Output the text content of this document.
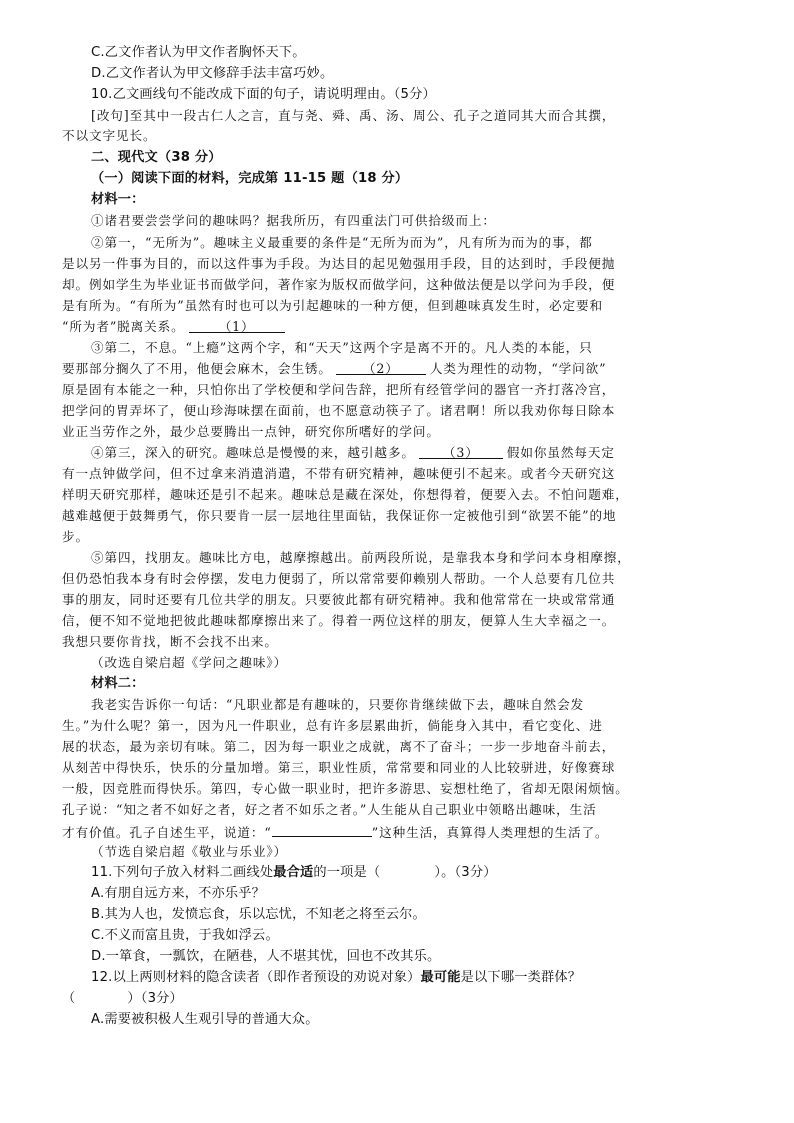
C.乙文作者认为甲文作者胸怀天下。
D.乙文作者认为甲文修辞手法丰富巧妙。
10.乙文画线句不能改成下面的句子，请说明理由。（5分）
[改句]至其中一段古仁人之言，直与尧、舜、禹、汤、周公、孔子之道同其大而合其撰，
不以文字见长。
二、现代文（38 分）
（一）阅读下面的材料，完成第 11-15 题（18 分）
材料一：
①诸君要尝尝学问的趣味吗？据我所历，有四重法门可供拾级而上：
②第一，“无所为”。趣味主义最重要的条件是“无所为而为”，凡有所为而为的事，都
是以另一件事为目的，而以这件事为手段。为达目的起见勉强用手段，目的达到时，手段便抛
却。例如学生为毕业证书而做学问，著作家为版权而做学问，这种做法便是以学问为手段，便
是有所为。“有所为”虽然有时也可以为引起趣味的一种方便，但到趣味真发生时，必定要和
“所为者”脱离关系。	（1）
③第二，不息。“上瘾”这两个字，和“天天”这两个字是离不开的。凡人类的本能，只
要那部分搁久了不用，他便会麻木，会生锈。 （2） 人类为理性的动物，“学问欲”
原是固有本能之一种，只怕你出了学校便和学问告辞，把所有经管学问的器官一齐打落冷宫，
把学问的胃弄坏了，便山珍海味摆在面前，也不愿意动筷子了。诸君啊！所以我劝你每日除本
业正当劳作之外，最少总要腾出一点钟，研究你所嗜好的学问。
④第三，深入的研究。趣味总是慢慢的来，越引越多。 （3） 假如你虽然每天定
有一点钟做学问，但不过拿来消遣消遣，不带有研究精神，趣味便引不起来。或者今天研究这
样明天研究那样，趣味还是引不起来。趣味总是藏在深处，你想得着，便要入去。不怕问题难，
越难越便于鼓舞勇气，你只要肯一层一层地往里面钻，我保证你一定被他引到“欲罢不能”的地
步。
⑤第四，找朋友。趣味比方电，越摩擦越出。前两段所说，是靠我本身和学问本身相摩擦，
但仍恐怕我本身有时会停摆，发电力便弱了，所以常常要仰赖别人帮助。一个人总要有几位共
事的朋友，同时还要有几位共学的朋友。只要彼此都有研究精神。我和他常常在一块或常常通
信，便不知不觉地把彼此趣味都摩擦出来了。得着一两位这样的朋友，便算人生大幸福之一。
我想只要你肯找，断不会找不出来。
（改选自梁启超《学问之趣味》）
材料二：
我老实告诉你一句话：“凡职业都是有趣味的，只要你肯继续做下去，趣味自然会发
生。”为什么呢？第一，因为凡一件职业，总有许多层累曲折，倘能身入其中，看它变化、进
展的状态，最为亲切有味。第二，因为每一职业之成就，离不了奋斗；一步一步地奋斗前去，
从刻苦中得快乐，快乐的分量加增。第三，职业性质，常常要和同业的人比较骈进，好像赛球
一般，因竞胜而得快乐。第四，专心做一职业时，把许多游思、妄想杜绝了，省却无限闲烦恼。
孔子说：“知之者不如好之者，好之者不如乐之者。”人生能从自己职业中领略出趣味，生活
才有价值。孔子自述生平，说道：“	”这种生活，真算得人类理想的生活了。
（节选自梁启超《敬业与乐业》）
11.下列句子放入材料二画线处最合适的一项是（	）。（3分）
A.有朋自远方来，不亦乐乎？
B.其为人也，发愤忘食，乐以忘忧，不知老之将至云尔。
C.不义而富且贵，于我如浮云。
D.一箪食，一瓢饮，在陋巷，人不堪其忧，回也不改其乐。
12.以上两则材料的隐含读者（即作者预设的劝说对象）最可能是以下哪一类群体？
（	）（3分）
A.需要被积极人生观引导的普通大众。
